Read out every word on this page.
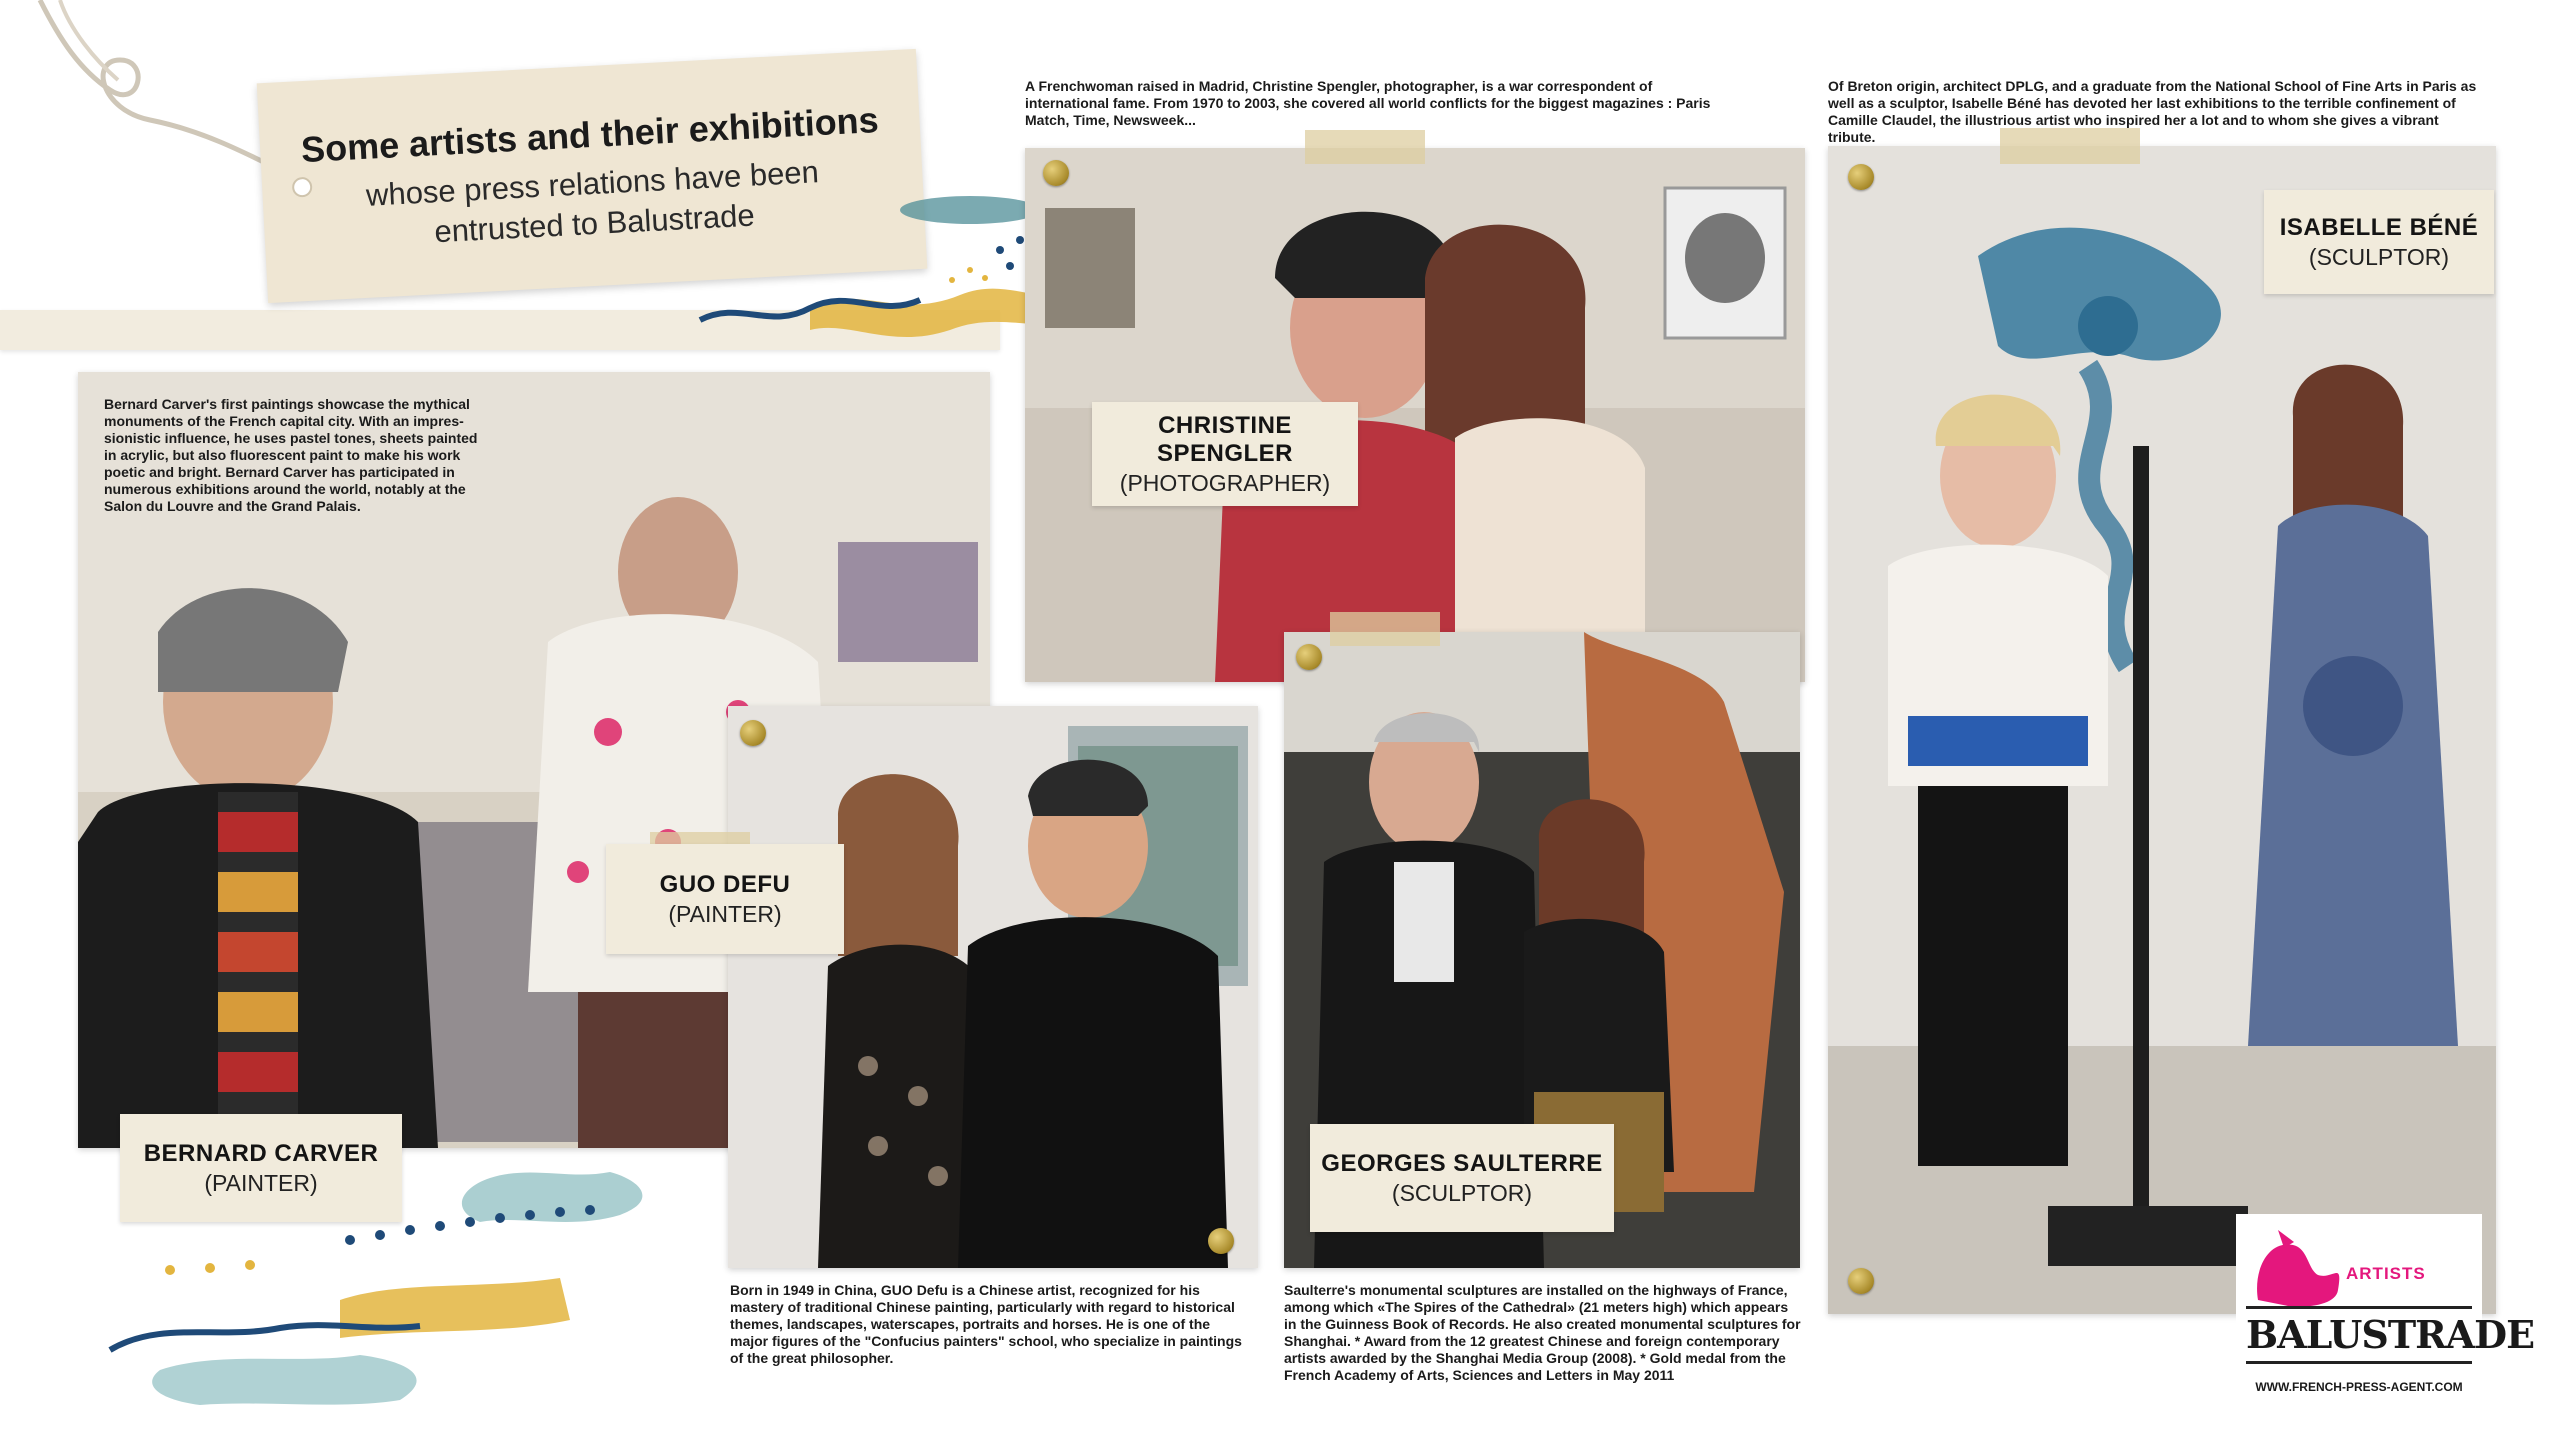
Some artists and their exhibitions
whose press relations have been
entrusted to Balustrade
Bernard Carver's first paintings showcase the mythical monuments of the French capital city. With an impres-sionistic influence, he uses pastel tones, sheets painted in acrylic, but also fluorescent paint to make his work poetic and bright. Bernard Carver has participated in numerous exhibitions around the world, notably at the Salon du Louvre and the Grand Palais.
A Frenchwoman raised in Madrid, Christine Spengler, photographer, is a war correspondent of international fame. From 1970 to 2003, she covered all world conflicts for the biggest magazines : Paris Match, Time, Newsweek...
Born in 1949 in China, GUO Defu is a Chinese artist, recognized for his mastery of traditional Chinese painting, particularly with regard to historical themes, landscapes, waterscapes, portraits and horses. He is one of the major figures of the "Confucius painters" school, who specialize in paintings of the great philosopher.
Saulterre's monumental sculptures are installed on the highways of France, among which «The Spires of the Cathedral» (21 meters high) which appears in the Guinness Book of Records. He also created monumental sculptures for Shanghai. * Award from the 12 greatest Chinese and foreign contemporary artists awarded by the Shanghai Media Group (2008). * Gold medal from the French Academy of Arts, Sciences and Letters in May 2011
Of Breton origin, architect DPLG, and a graduate from the National School of Fine Arts in Paris as well as a sculptor, Isabelle Béné has devoted her last exhibitions to the terrible confinement of Camille Claudel, the illustrious artist who inspired her a lot and to whom she gives a vibrant tribute.
BERNARD CARVER
(PAINTER)
GUO DEFU
(PAINTER)
CHRISTINE SPENGLER
(PHOTOGRAPHER)
GEORGES SAULTERRE
(SCULPTOR)
ISABELLE BÉNÉ
(SCULPTOR)
ARTISTS
BALUSTRADE
WWW.FRENCH-PRESS-AGENT.COM
